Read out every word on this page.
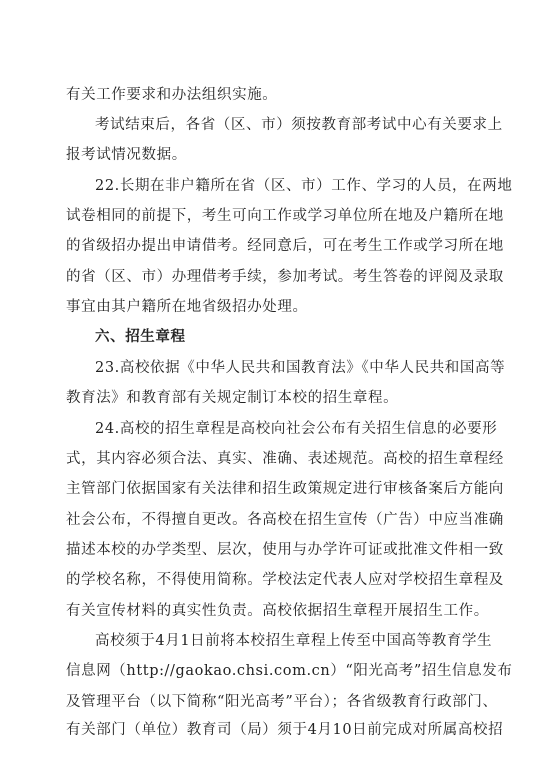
有关工作要求和办法组织实施。
考试结束后，各省（区、市）须按教育部考试中心有关要求上
报考试情况数据。
22.长期在非户籍所在省（区、市）工作、学习的人员，在两地
试卷相同的前提下，考生可向工作或学习单位所在地及户籍所在地
的省级招办提出申请借考。经同意后，可在考生工作或学习所在地
的省（区、市）办理借考手续，参加考试。考生答卷的评阅及录取
事宜由其户籍所在地省级招办处理。
六、招生章程
23.高校依据《中华人民共和国教育法》《中华人民共和国高等
教育法》和教育部有关规定制订本校的招生章程。
24.高校的招生章程是高校向社会公布有关招生信息的必要形
式，其内容必须合法、真实、准确、表述规范。高校的招生章程经
主管部门依据国家有关法律和招生政策规定进行审核备案后方能向
社会公布，不得擅自更改。各高校在招生宣传（广告）中应当准确
描述本校的办学类型、层次，使用与办学许可证或批准文件相一致
的学校名称，不得使用简称。学校法定代表人应对学校招生章程及
有关宣传材料的真实性负责。高校依据招生章程开展招生工作。
高校须于4月1日前将本校招生章程上传至中国高等教育学生
信息网（http://gaokao.chsi.com.cn）“阳光高考”招生信息发布
及管理平台（以下简称“阳光高考”平台）；各省级教育行政部门、
有关部门（单位）教育司（局）须于4月10日前完成对所属高校招
